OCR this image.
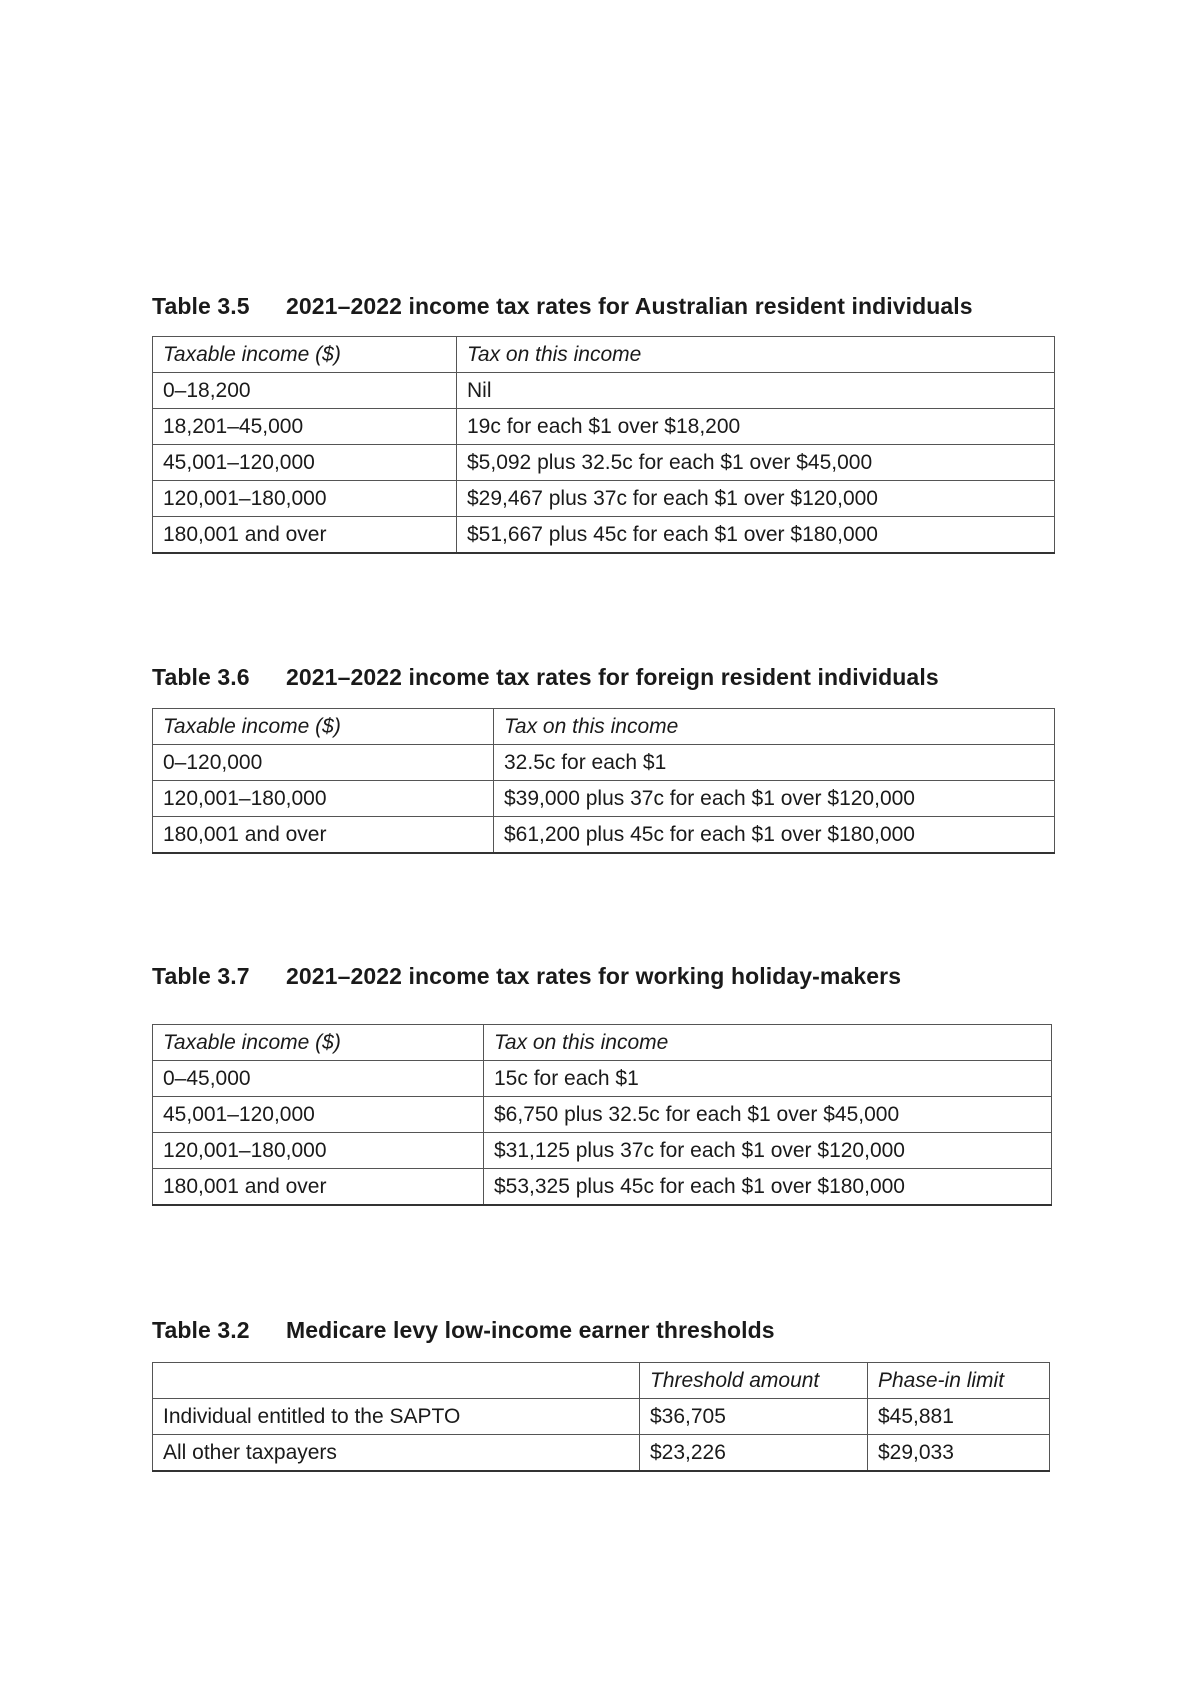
Table 3.5 2021–2022 income tax rates for Australian resident individuals
Taxable income ($)	Tax on this income
0–18,200	Nil
18,201–45,000	19c for each $1 over $18,200
45,001–120,000	$5,092 plus 32.5c for each $1 over $45,000
120,001–180,000	$29,467 plus 37c for each $1 over $120,000
180,001 and over	$51,667 plus 45c for each $1 over $180,000
Table 3.6 2021–2022 income tax rates for foreign resident individuals
Taxable income ($)	Tax on this income
0–120,000	32.5c for each $1
120,001–180,000	$39,000 plus 37c for each $1 over $120,000
180,001 and over	$61,200 plus 45c for each $1 over $180,000
Table 3.7 2021–2022 income tax rates for working holiday-makers
Taxable income ($)	Tax on this income
0–45,000	15c for each $1
45,001–120,000	$6,750 plus 32.5c for each $1 over $45,000
120,001–180,000	$31,125 plus 37c for each $1 over $120,000
180,001 and over	$53,325 plus 45c for each $1 over $180,000
Table 3.2 Medicare levy low-income earner thresholds
	Threshold amount	Phase-in limit
Individual entitled to the SAPTO	$36,705	$45,881
All other taxpayers	$23,226	$29,033
